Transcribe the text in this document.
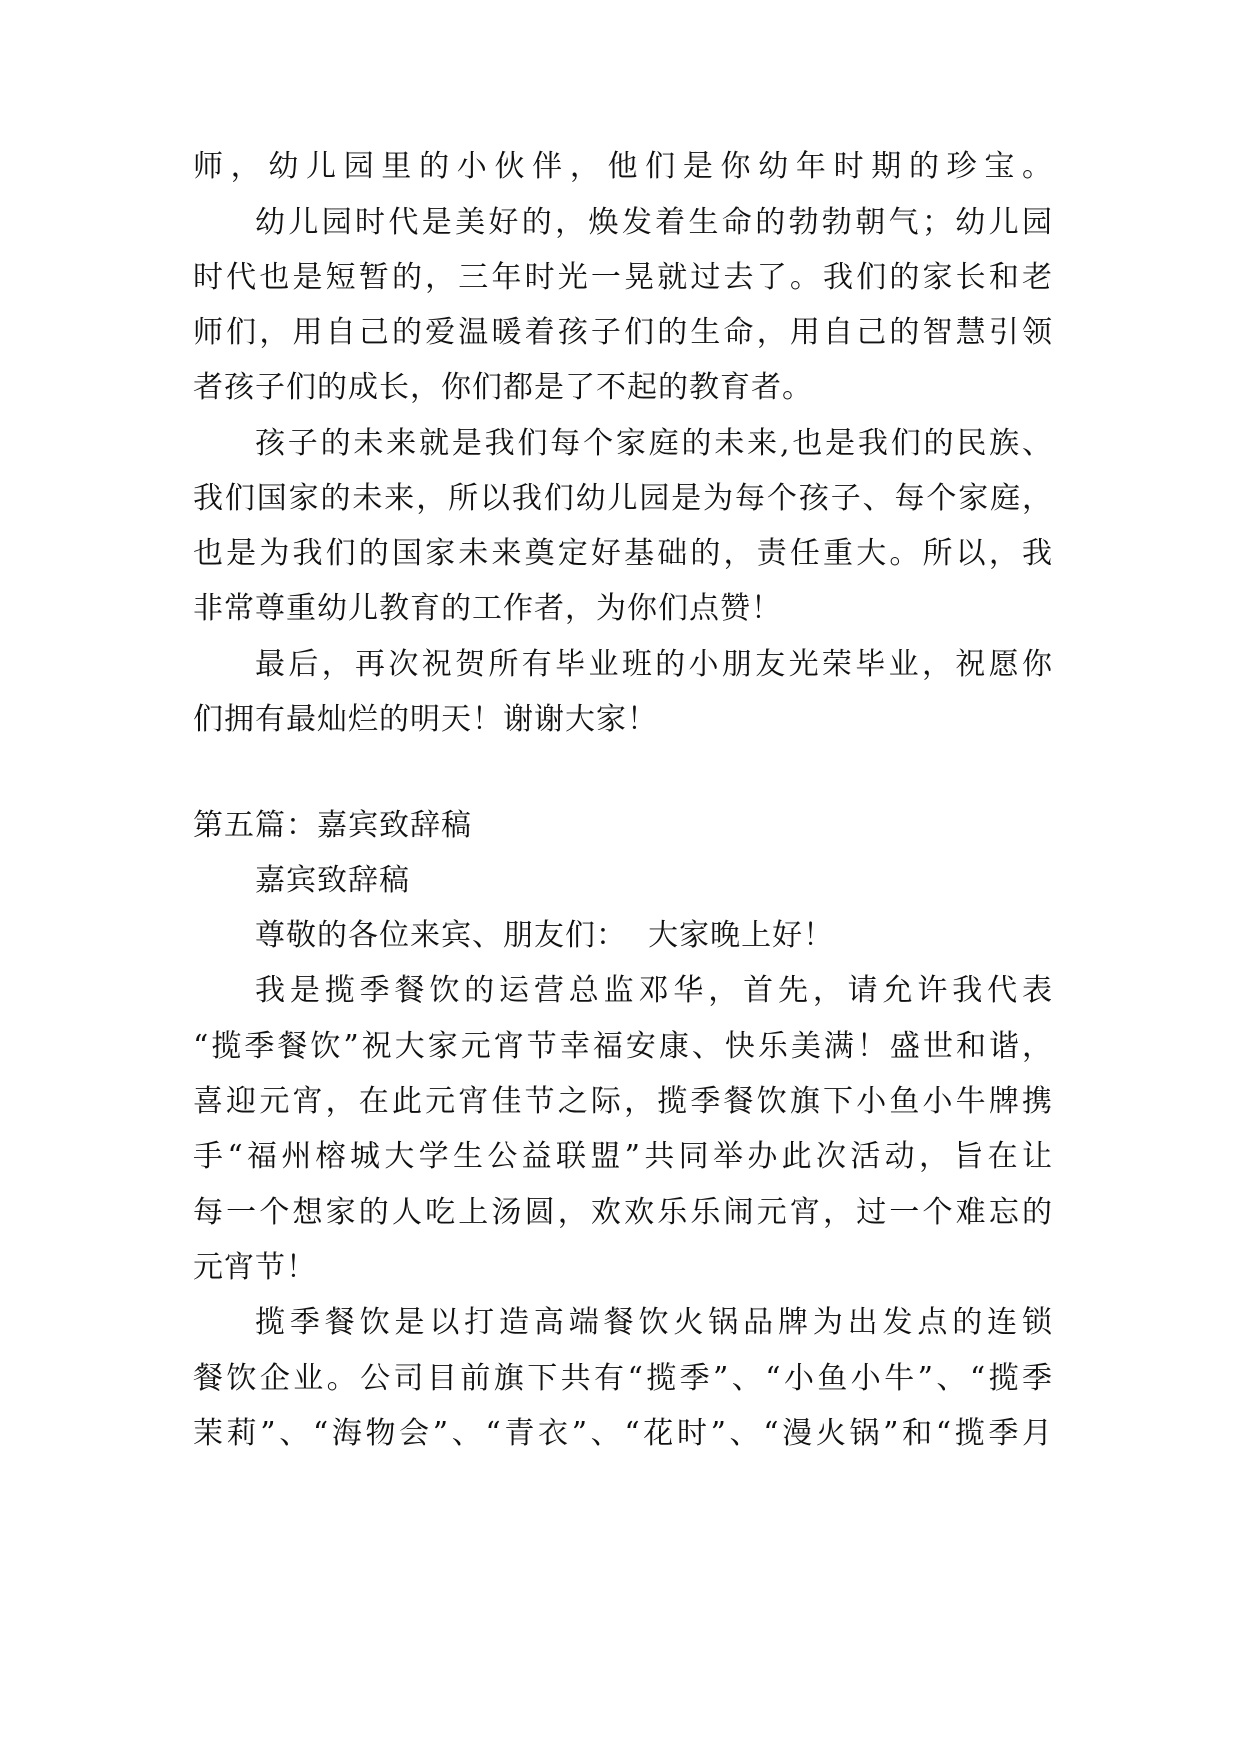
师，幼儿园里的小伙伴，他们是你幼年时期的珍宝。
幼儿园时代是美好的，焕发着生命的勃勃朝气；幼儿园
时代也是短暂的，三年时光一晃就过去了。我们的家长和老
师们，用自己的爱温暖着孩子们的生命，用自己的智慧引领
者孩子们的成长，你们都是了不起的教育者。
孩子的未来就是我们每个家庭的未来,也是我们的民族、
我们国家的未来，所以我们幼儿园是为每个孩子、每个家庭，
也是为我们的国家未来奠定好基础的，责任重大。所以，我
非常尊重幼儿教育的工作者，为你们点赞！
最后，再次祝贺所有毕业班的小朋友光荣毕业，祝愿你
们拥有最灿烂的明天！谢谢大家！
第五篇：嘉宾致辞稿
嘉宾致辞稿
尊敬的各位来宾、朋友们：  大家晚上好！
我是揽季餐饮的运营总监邓华，首先，请允许我代表
“揽季餐饮”祝大家元宵节幸福安康、快乐美满！盛世和谐，
喜迎元宵，在此元宵佳节之际，揽季餐饮旗下小鱼小牛牌携
手“福州榕城大学生公益联盟”共同举办此次活动，旨在让
每一个想家的人吃上汤圆，欢欢乐乐闹元宵，过一个难忘的
元宵节！
揽季餐饮是以打造高端餐饮火锅品牌为出发点的连锁
餐饮企业。公司目前旗下共有“揽季”、“小鱼小牛”、“揽季
茉莉”、“海物会”、“青衣”、“花时”、“漫火锅”和“揽季月
